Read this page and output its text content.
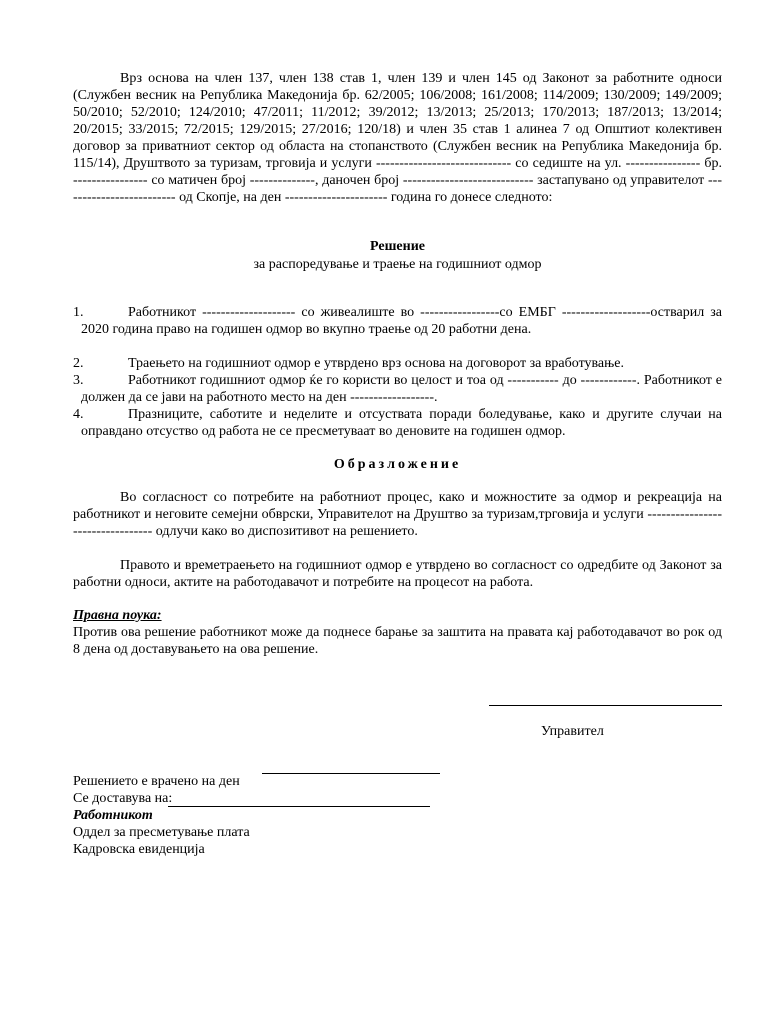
Врз основа на член 137, член 138 став 1, член 139 и член 145 од Законот за работните односи (Службен весник на Република Македонија бр. 62/2005; 106/2008; 161/2008; 114/2009; 130/2009; 149/2009; 50/2010; 52/2010; 124/2010; 47/2011; 11/2012; 39/2012; 13/2013; 25/2013; 170/2013; 187/2013; 13/2014; 20/2015; 33/2015; 72/2015; 129/2015; 27/2016; 120/18) и член 35 став 1 алинеа 7 од Општиот колективен договор за приватниот сектор од областа на стопанството (Службен весник на Република Македонија бр. 115/14), Друштвото за туризам, трговија и услуги ----------------------------- со седиште на ул. ---------------- бр. ---------------- со матичен број --------------, даночен број ---------------------------- застапувано од управителот ------------------------- од Скопје, на ден ---------------------- година го донесе следното:

Решение

за распоредување и траење на годишниот одмор

1.	Работникот -------------------- со живеалиште во -----------------со ЕМБГ -------------------остварил за 2020 година право на годишен одмор во вкупно траење од 20 работни дена.
2.	Траењето на годишниот одмор е утврдено врз основа на договорот за вработување.
3.	Работникот годишниот одмор ќе го користи во целост и тоа од ----------- до ------------. Работникот е должен да се јави на работното место на ден ------------------.
4.	Празниците, саботите и неделите и отсуствата поради боледување, како и другите случаи на оправдано отсуство од работа не се пресметуваат во деновите на годишен одмор.

Образложение

Во согласност со потребите на работниот процес, како и можностите за одмор и рекреација на работникот и неговите семејни обврски, Управителот на Друштво за туризам,трговија и услуги --------------------------------- одлучи како во диспозитивот на решението.

Правото и времетраењето на годишниот одмор е утврдено во согласност со одредбите од Законот за работни односи, актите на работодавачот и потребите на процесот на работа.

Правна поука:

Против ова решение работникот може да поднесе барање за заштита на правата кај работодавачот во рок од 8 дена од доставувањето на ова решение.

Управител

Решението е врачено на ден

Се доставува на:

Работникот

Оддел за пресметување плата

Кадровска евиденција
